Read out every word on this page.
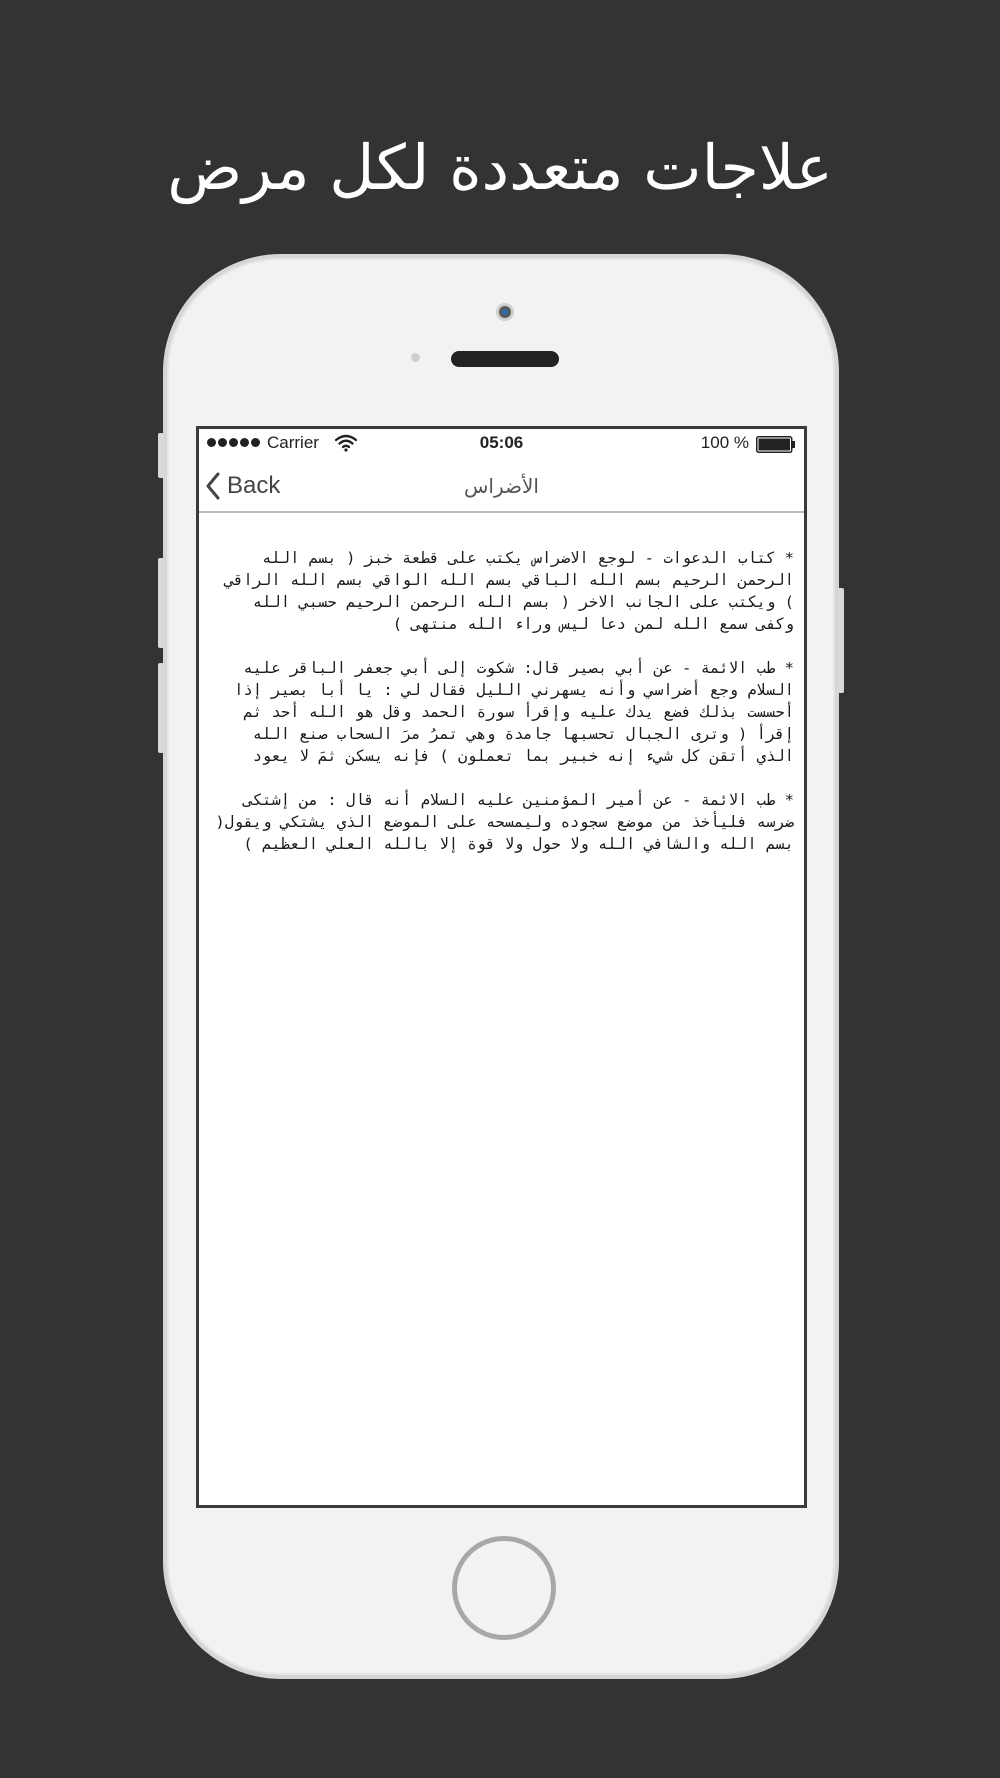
علاجات متعددة لكل مرض
Carrier	05:06	100 %
Back	الأضراس

* كتاب الدعوات - لوجع الاضراس يكتب على قطعة خبز ( بسم الله الرحمن الرحيم بسم الله الباقي بسم الله الواقي بسم الله الراقي ) ويكتب على الجانب الاخر ( بسم الله الرحمن الرحيم حسبي الله وكفى سمع الله لمن دعا ليس وراء الله منتهى )

* طب الائمة - عن أبي بصير قال: شكوت إلى أبي جعفر الباقر عليه السلام وجع أضراسي وأنه يسهرني الليل فقال لي : يا أبا بصير إذا أحسست بذلك فضع يدك عليه وإقرأ سورة الحمد وقل هو الله أحد ثم إقرأ ( وترى الجبال تحسبها جامدة وهي تمرُ مرَ السحاب صنع الله الذي أتقن كل شيء إنه خبير بما تعملون ) فإنه يسكن ثمَ لا يعود

* طب الائمة - عن أمير المؤمنين عليه السلام أنه قال : من إشتكى ضرسه فليأخذ من موضع سجوده وليمسحه على الموضع الذي يشتكي ويقول( بسم الله والشافي الله ولا حول ولا قوة إلا بالله العلي العظيم )
